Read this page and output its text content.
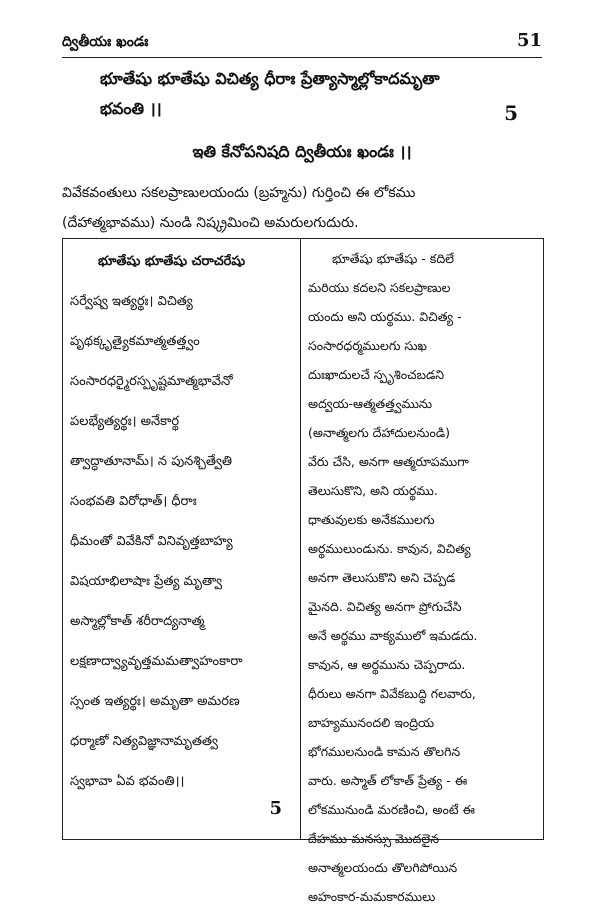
ద్వితీయః ఖండః	51
భూతేషు భూతేషు విచిత్య ధీరాః ప్రేత్యాస్మాల్లోకాదమృతా
భవంతి ।।	5
ఇతి కేనోపనిషది ద్వితీయః ఖండః ।।
వివేకవంతులు సకలప్రాణులయందు (బ్రహ్మను) గుర్తించి ఈ లోకము
(దేహాత్మభావము) నుండి నిష్క్రమించి అమరులగుదురు.
భూతేషు భూతేషు చరాచరేషు
సర్వేష్వ ఇత్యర్థః। విచిత్య
పృథక్కృత్యైకమాత్మతత్త్వం
సంసారధర్మైరస్పృష్టమాత్మభావేనో
పలభ్యేత్యర్థః। అనేకార్థ
త్వాద్ధాతూనామ్। న పునశ్చిత్వేతి
సంభవతి విరోధాత్। ధీరాః
ధీమంతో వివేకినో వినివృత్తబాహ్య
విషయాభిలాషాః ప్రేత్య మృత్వా
అస్మాల్లోకాత్ శరీరాద్యనాత్మ
లక్షణాద్వ్యావృత్తమమత్వాహంకారా
స్సంత ఇత్యర్థః। అమృతా అమరణ
ధర్మాణో నిత్యవిజ్ఞానామృతత్వ
స్వభావా ఏవ భవంతి।।
5
భూతేషు భూతేషు - కదిలే
మరియు కదలని సకలప్రాణుల
యందు అని యర్థము. విచిత్య -
సంసారధర్మములగు సుఖ
దుఃఖాదులచే స్పృశించబడని
అద్వయ-ఆత్మతత్త్వమును
(అనాత్మలగు దేహాదులనుండి)
వేరు చేసి, అనగా ఆత్మరూపముగా
తెలుసుకొని, అని యర్థము.
ధాతువులకు అనేకములగు
అర్థములుండును. కావున, విచిత్య
అనగా తెలుసుకొని అని చెప్పడ
మైనది. విచిత్య అనగా ప్రోగుచేసి
అనే అర్థము వాక్యములో ఇమడదు.
కావున, ఆ అర్థమును చెప్పరాదు.
ధీరులు అనగా వివేకబుద్ధి గలవారు,
బాహ్యమునందలి ఇంద్రియ
భోగములనుండి కామన తొలగిన
వారు. అస్మాత్ లోకాత్ ప్రేత్య - ఈ
లోకమునుండి మరణించి, అంటే ఈ
దేహము-మనస్సు మొదలైన
అనాత్మలయందు తొలగిపోయిన
అహంకార-మమకారములు
